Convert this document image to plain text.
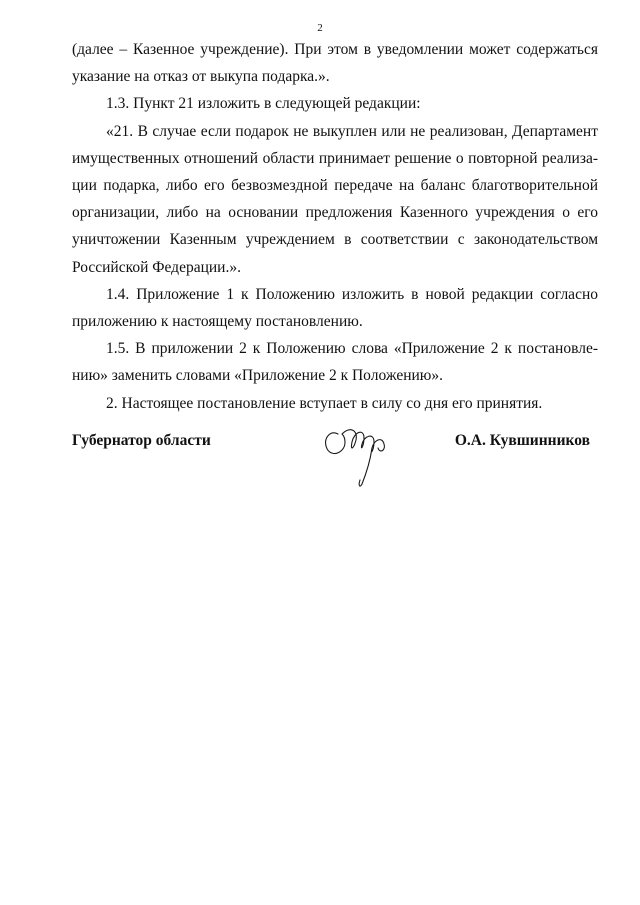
2

(далее – Казенное учреждение). При этом в уведомлении может содержаться указание на отказ от выкупа подарка.».

1.3. Пункт 21 изложить в следующей редакции:

«21. В случае если подарок не выкуплен или не реализован, Департамент имущественных отношений области принимает решение о повторной реализации подарка, либо его безвозмездной передаче на баланс благотворительной организации, либо на основании предложения Казенного учреждения о его уничтожении Казенным учреждением в соответствии с законодательством Российской Федерации.».

1.4. Приложение 1 к Положению изложить в новой редакции согласно приложению к настоящему постановлению.

1.5. В приложении 2 к Положению слова «Приложение 2 к постановлению» заменить словами «Приложение 2 к Положению».

2. Настоящее постановление вступает в силу со дня его принятия.

Губернатор области	О.А. Кувшинников
